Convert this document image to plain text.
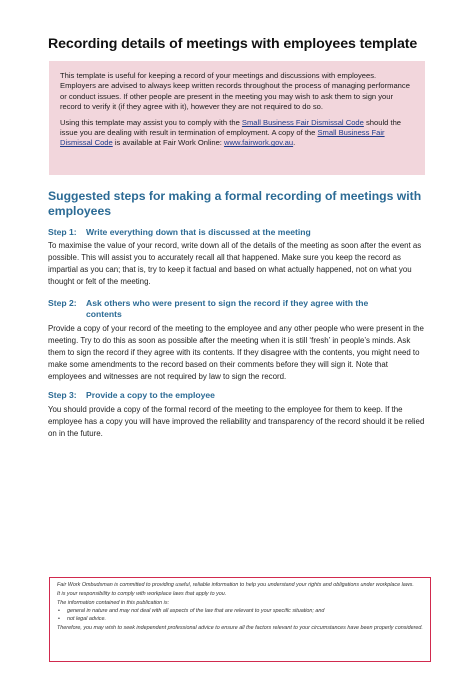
Recording details of meetings with employees template

This template is useful for keeping a record of your meetings and discussions with employees. Employers are advised to always keep written records throughout the process of managing performance or conduct issues. If other people are present in the meeting you may wish to ask them to sign your record to verify it (if they agree with it), however they are not required to do so.

Using this template may assist you to comply with the Small Business Fair Dismissal Code should the issue you are dealing with result in termination of employment. A copy of the Small Business Fair Dismissal Code is available at Fair Work Online: www.fairwork.gov.au.

Suggested steps for making a formal recording of meetings with employees
Step 1: Write everything down that is discussed at the meeting

To maximise the value of your record, write down all of the details of the meeting as soon after the event as possible. This will assist you to accurately recall all that happened. Make sure you keep the record as impartial as you can; that is, try to keep it factual and based on what actually happened, not on what you thought or felt of the meeting.

Step 2: Ask others who were present to sign the record if they agree with the
contents

Provide a copy of your record of the meeting to the employee and any other people who were present in the meeting. Try to do this as soon as possible after the meeting when it is still ‘fresh’ in people’s minds. Ask them to sign the record if they agree with its contents. If they disagree with the contents, you might need to make some amendments to the record based on their comments before they will sign it. Note that employees and witnesses are not required by law to sign the record.

Step 3: Provide a copy to the employee

You should provide a copy of the formal record of the meeting to the employee for them to keep. If the employee has a copy you will have improved the reliability and transparency of the record should it be relied on in the future.

Fair Work Ombudsman is committed to providing useful, reliable information to help you understand your rights and obligations under workplace laws.

It is your responsibility to comply with workplace laws that apply to you.

The information contained in this publication is:

• general in nature and may not deal with all aspects of the law that are relevant to your specific situation; and
• not legal advice.

Therefore, you may wish to seek independent professional advice to ensure all the factors relevant to your circumstances have been properly considered.
